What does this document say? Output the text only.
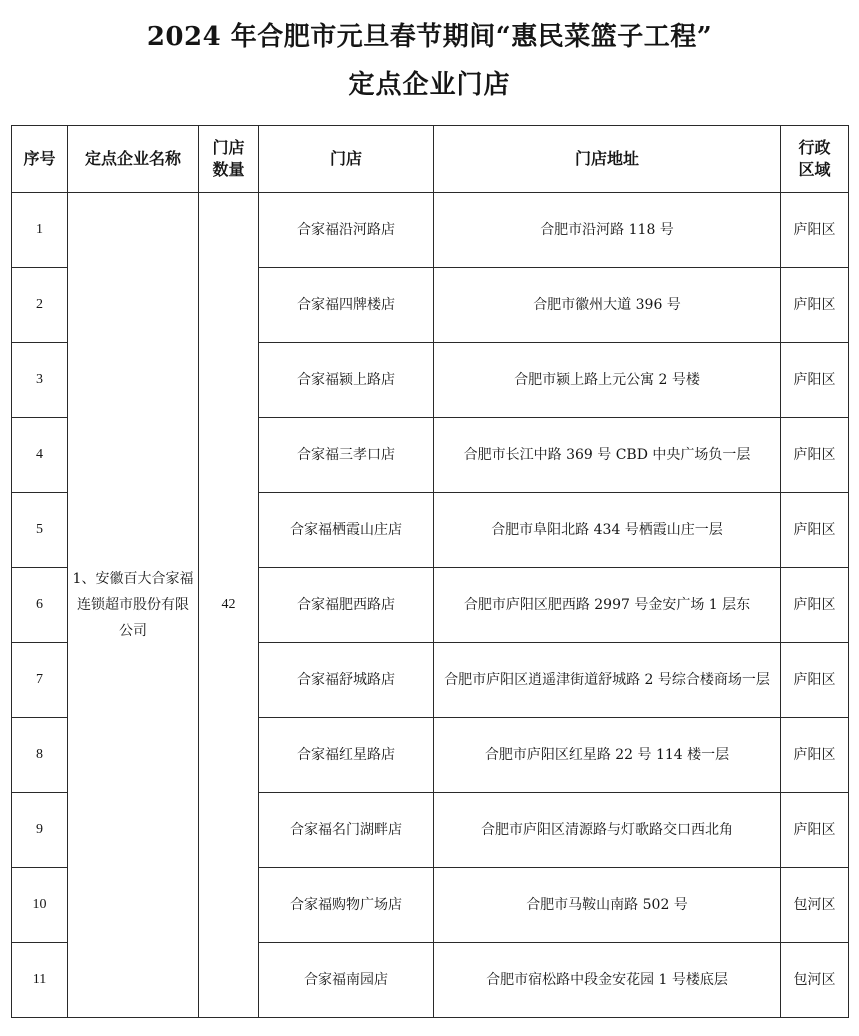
2024 年合肥市元旦春节期间“惠民菜篮子工程”
定点企业门店
序号	定点企业名称	门店数量	门店	门店地址	行政区域

1	1、安徽百大合家福连锁超市股份有限公司	42	合家福沿河路店	合肥市沿河路 118 号	庐阳区
2			合家福四牌楼店	合肥市徽州大道 396 号	庐阳区
3			合家福颍上路店	合肥市颍上路上元公寓 2 号楼	庐阳区
4			合家福三孝口店	合肥市长江中路 369 号 CBD 中央广场负一层	庐阳区
5			合家福栖霞山庄店	合肥市阜阳北路 434 号栖霞山庄一层	庐阳区
6			合家福肥西路店	合肥市庐阳区肥西路 2997 号金安广场 1 层东	庐阳区
7			合家福舒城路店	合肥市庐阳区逍遥津街道舒城路 2 号综合楼商场一层	庐阳区
8			合家福红星路店	合肥市庐阳区红星路 22 号 114 楼一层	庐阳区
9			合家福名门湖畔店	合肥市庐阳区清源路与灯歌路交口西北角	庐阳区
10			合家福购物广场店	合肥市马鞍山南路 502 号	包河区
11			合家福南园店	合肥市宿松路中段金安花园 1 号楼底层	包河区
